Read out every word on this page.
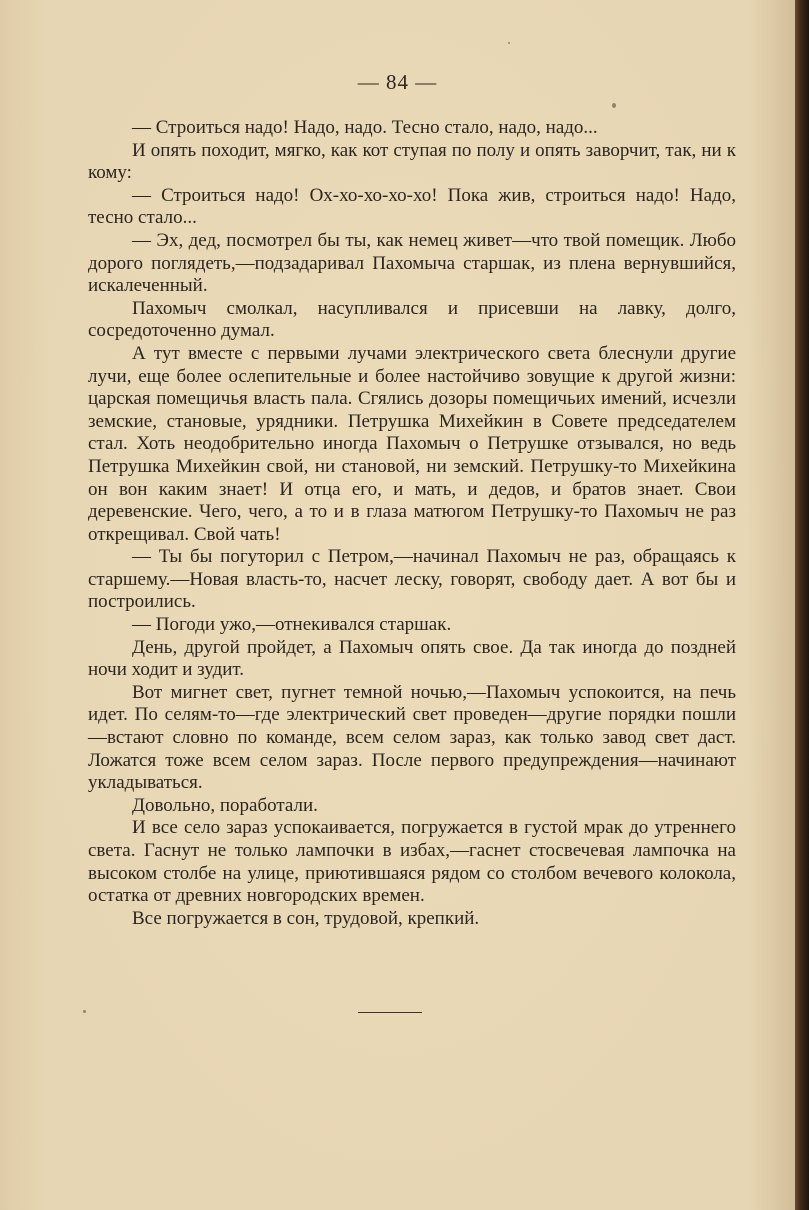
— 84 —

— Строиться надо! Надо, надо. Тесно стало, надо, надо...

И опять походит, мягко, как кот ступая по полу и опять заворчит, так, ни к кому:

— Строиться надо! Ох-хо-хо-хо-хо! Пока жив, строиться надо! Надо, тесно стало...

— Эх, дед, посмотрел бы ты, как немец живет—что твой помещик. Любо дорого поглядеть,—подзадаривал Пахомыча старшак, из плена вернувшийся, искалеченный.

Пахомыч смолкал, насупливался и присевши на лавку, долго, сосредоточенно думал.

А тут вместе с первыми лучами электрического света блеснули другие лучи, еще более ослепительные и более настойчиво зовущие к другой жизни: царская помещичья власть пала. Сгялись дозоры помещичьих имений, исчезли земские, становые, урядники. Петрушка Михейкин в Совете председателем стал. Хоть неодобрительно иногда Пахомыч о Петрушке отзывался, но ведь Петрушка Михейкин свой, ни становой, ни земский. Петрушку-то Михейкина он вон каким знает! И отца его, и мать, и дедов, и братов знает. Свои деревенские. Чего, чего, а то и в глаза матюгом Петрушку-то Пахомыч не раз открещивал. Свой чать!

— Ты бы погуторил с Петром,—начинал Пахомыч не раз, обращаясь к старшему.—Новая власть-то, насчет леску, говорят, свободу дает. А вот бы и построились.

— Погоди ужо,—отнекивался старшак.

День, другой пройдет, а Пахомыч опять свое. Да так иногда до поздней ночи ходит и зудит.

Вот мигнет свет, пугнет темной ночью,—Пахомыч успокоится, на печь идет. По селям-то—где электрический свет проведен—другие порядки пошли—встают словно по команде, всем селом зараз, как только завод свет даст. Ложатся тоже всем селом зараз. После первого предупреждения—начинают укладываться.

Довольно, поработали.

И все село зараз успокаивается, погружается в густой мрак до утреннего света. Гаснут не только лампочки в избах,—гаснет стосвечевая лампочка на высоком столбе на улице, приютившаяся рядом со столбом вечевого колокола, остатка от древних новгородских времен.

Все погружается в сон, трудовой, крепкий.
